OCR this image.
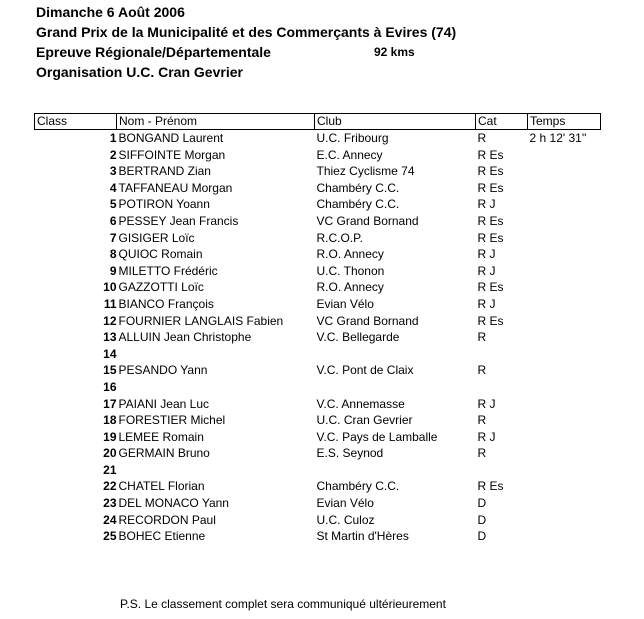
Dimanche 6 Août 2006
Grand Prix de la Municipalité et des Commerçants à Evires (74)
Epreuve Régionale/Départementale	92 kms
Organisation U.C. Cran Gevrier
Class	Nom - Prénom	Club	Cat	Temps
1	BONGAND Laurent	U.C. Fribourg	R	2 h 12' 31''
2	SIFFOINTE Morgan	E.C. Annecy	R Es	
3	BERTRAND Zian	Thiez Cyclisme 74	R Es	
4	TAFFANEAU Morgan	Chambéry C.C.	R Es	
5	POTIRON Yoann	Chambéry C.C.	R J	
6	PESSEY Jean Francis	VC Grand Bornand	R Es	
7	GISIGER Loïc	R.C.O.P.	R Es	
8	QUIOC Romain	R.O. Annecy	R J	
9	MILETTO Frédéric	U.C. Thonon	R J	
10	GAZZOTTI Loïc	R.O. Annecy	R Es	
11	BIANCO François	Evian Vélo	R J	
12	FOURNIER LANGLAIS Fabien	VC Grand Bornand	R Es	
13	ALLUIN Jean Christophe	V.C. Bellegarde	R	
14				
15	PESANDO Yann	V.C. Pont de Claix	R	
16				
17	PAIANI Jean Luc	V.C. Annemasse	R J	
18	FORESTIER Michel	U.C. Cran Gevrier	R	
19	LEMEE Romain	V.C. Pays de Lamballe	R J	
20	GERMAIN Bruno	E.S. Seynod	R	
21				
22	CHATEL Florian	Chambéry C.C.	R Es	
23	DEL MONACO Yann	Evian Vélo	D	
24	RECORDON Paul	U.C. Culoz	D	
25	BOHEC Etienne	St Martin d'Hères	D	
P.S. Le classement complet sera communiqué ultérieurement
